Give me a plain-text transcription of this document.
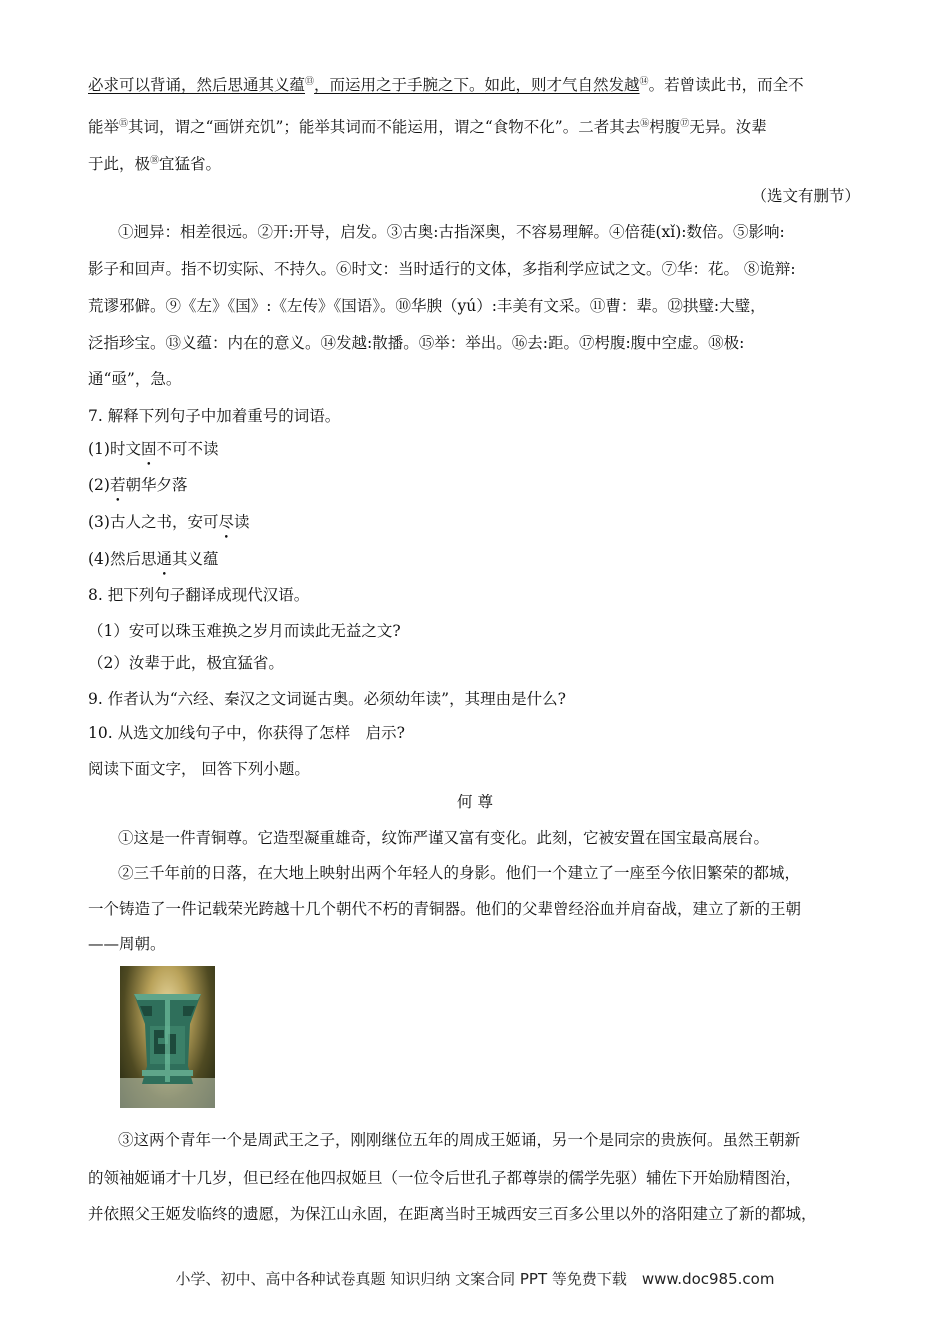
必求可以背诵，然后思通其义蕴⑬，而运用之于手腕之下。如此，则才气自然发越⑭。若曾读此书，而全不
能举⑮其词，谓之“画饼充饥”；能举其词而不能运用，谓之“食物不化”。二者其去⑯枵腹⑰无异。汝辈
于此，极⑱宜猛省。
（选文有删节）
①迥异：相差很远。②开:开导，启发。③古奥:古指深奥，不容易理解。④倍蓰(xǐ):数倍。⑤影响:
影子和回声。指不切实际、不持久。⑥时文：当时适行的文体，多指利学应试之文。⑦华：花。 ⑧诡辩:
荒谬邪僻。⑨《左》《国》:《左传》《国语》。⑩华腴（yú）:丰美有文采。⑪曹：辈。⑫拱璧:大璧，
泛指珍宝。⑬义蕴：内在的意义。⑭发越:散播。⑮举：举出。⑯去:距。⑰枵腹:腹中空虚。⑱极:
通“亟”，急。
7. 解释下列句子中加着重号的词语。
(1)时文固不可不读
(2)若朝华夕落
(3)古人之书，安可尽读
(4)然后思通其义蕴
8. 把下列句子翻译成现代汉语。
（1）安可以珠玉难换之岁月而读此无益之文?
（2）汝辈于此，极宜猛省。
9. 作者认为“六经、秦汉之文词诞古奥。必须幼年读”，其理由是什么?
10. 从选文加线句子中，你获得了怎样　启示?
阅读下面文字， 回答下列小题。
何 尊
①这是一件青铜尊。它造型凝重雄奇，纹饰严谨又富有变化。此刻，它被安置在国宝最高展台。
②三千年前的日落，在大地上映射出两个年轻人的身影。他们一个建立了一座至今依旧繁荣的都城，
一个铸造了一件记载荣光跨越十几个朝代不朽的青铜器。他们的父辈曾经浴血并肩奋战，建立了新的王朝
——周朝。
③这两个青年一个是周武王之子，刚刚继位五年的周成王姬诵，另一个是同宗的贵族何。虽然王朝新
的领袖姬诵才十几岁，但已经在他四叔姬旦（一位令后世孔子都尊崇的儒学先驱）辅佐下开始励精图治，
并依照父王姬发临终的遗愿，为保江山永固，在距离当时王城西安三百多公里以外的洛阳建立了新的都城，
小学、初中、高中各种试卷真题 知识归纳 文案合同 PPT 等免费下载　www.doc985.com
